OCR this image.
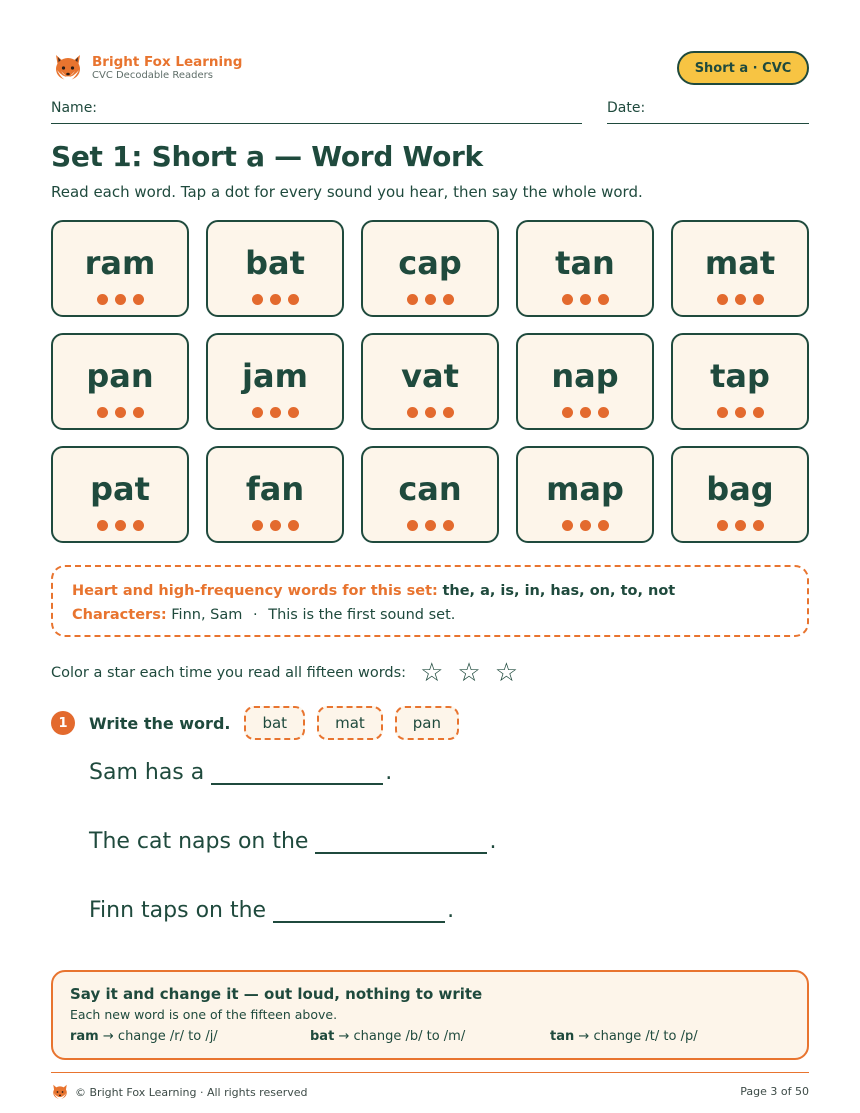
Bright Fox Learning
CVC Decodable Readers	Short a · CVC
Name:	Date:
Set 1: Short a — Word Work
Read each word. Tap a dot for every sound you hear, then say the whole word.
ram	bat	cap	tan	mat
pan	jam	vat	nap	tap
pat	fan	can	map	bag
Heart and high-frequency words for this set: the, a, is, in, has, on, to, not
Characters: Finn, Sam · This is the first sound set.
Color a star each time you read all fifteen words: ☆ ☆ ☆
1	Write the word.	bat	mat	pan
Sam has a	.
The cat naps on the	.
Finn taps on the	.
Say it and change it — out loud, nothing to write
Each new word is one of the fifteen above.
ram → change /r/ to /j/	bat → change /b/ to /m/	tan → change /t/ to /p/
© Bright Fox Learning · All rights reserved	Page 3 of 50
